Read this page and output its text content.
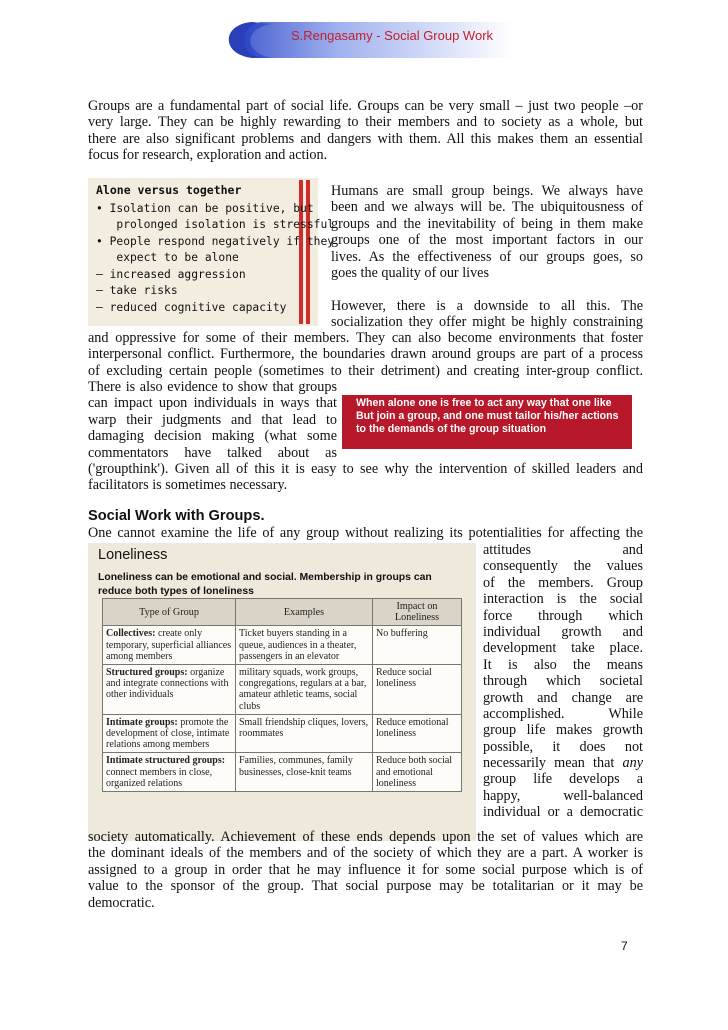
S.Rengasamy - Social Group Work
Groups are a fundamental part of social life. Groups can be very small – just two people –or
very large. They can be highly rewarding to their members and to society as a whole, but
there are also significant problems and dangers with them. All this makes them an essential
focus for research, exploration and action.
Alone versus together
• Isolation can be positive, but
prolonged isolation is stressful
• People respond negatively if they
expect to be alone
– increased aggression
– take risks
– reduced cognitive capacity
Humans are small group beings. We always have
been and we always will be. The ubiquitousness of
groups and the inevitability of being in them make
groups one of the most important factors in our
lives. As the effectiveness of our groups goes, so
goes the quality of our lives

However, there is a downside to all this. The
socialization they offer might be highly constraining
and oppressive for some of their members. They can also become environments that foster
interpersonal conflict. Furthermore, the boundaries drawn around groups are part of a process
of excluding certain people (sometimes to their detriment) and creating inter-group conflict.
There is also evidence to show that groups
can impact upon individuals in ways that
warp their judgments and that lead to
damaging decision making (what some
commentators    have    talked    about    as
When alone one is free to act any way that one like But join a group, and one must tailor his/her actions to the demands of the group situation
('groupthink'). Given all of this it is easy to see why the intervention of skilled leaders and
facilitators is sometimes necessary.
Social Work with Groups.
One cannot examine the life of any group without realizing its potentialities for affecting the
Loneliness
Loneliness can be emotional and social. Membership in groups can reduce both types of loneliness
Type of Group	Examples	Impact on Loneliness
Collectives: create only temporary, superficial alliances among members	Ticket buyers standing in a queue, audiences in a theater, passengers in an elevator	No buffering
Structured groups: organize and integrate connections with other individuals	military squads, work groups, congregations, regulars at a bar, amateur athletic teams, social clubs	Reduce social loneliness
Intimate groups: promote the development of close, intimate relations among members	Small friendship cliques, lovers, roommates	Reduce emotional loneliness
Intimate structured groups: connect members in close, organized relations	Families, communes, family businesses, close-knit teams	Reduce both social and emotional loneliness
attitudes and
consequently the values
of the members. Group
interaction is the social
force through which
individual growth and
development take place.
It is also the means
through which societal
growth and change are
accomplished. While
group life makes growth
possible, it does not
necessarily mean that any
group life develops a
happy, well-balanced
individual or a democratic
society automatically. Achievement of these ends depends upon the set of values which are
the dominant ideals of the members and of the society of which they are a part. A worker is
assigned to a group in order that he may influence it for some social purpose which is of
value to the sponsor of the group. That social purpose may be totalitarian or it may be
democratic.
7
